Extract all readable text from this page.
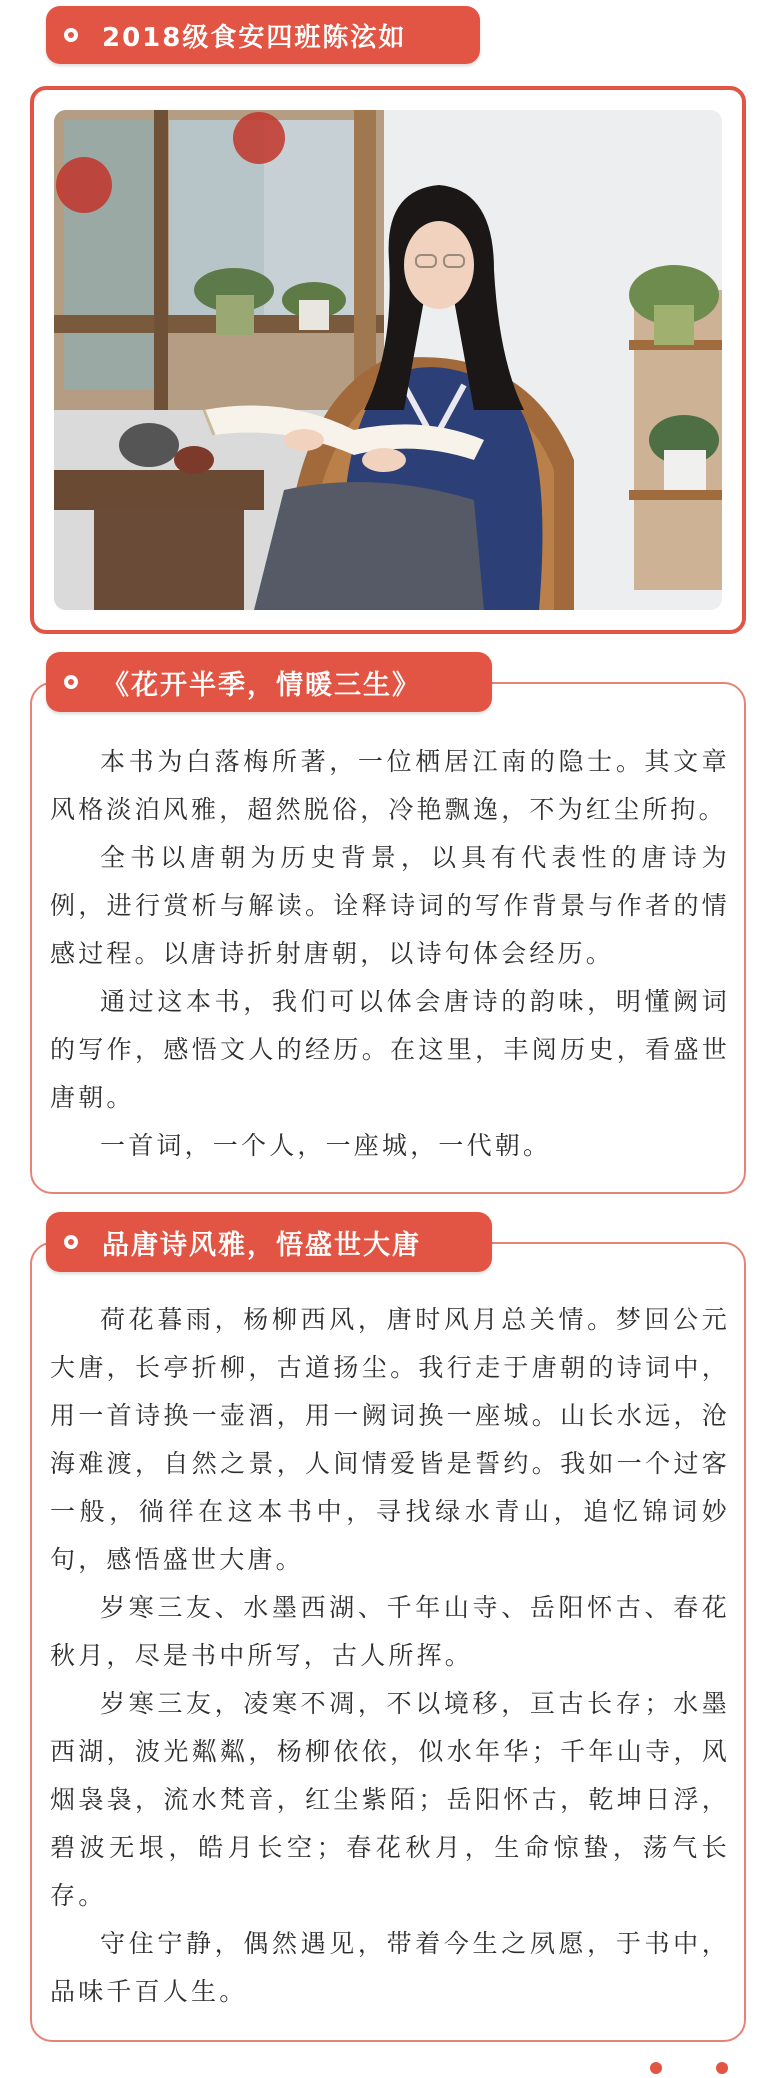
2018级食安四班陈泫如
《花开半季，情暖三生》

本书为白落梅所著，一位栖居江南的隐士。其文章风格淡泊风雅，超然脱俗，冷艳飘逸，不为红尘所拘。

全书以唐朝为历史背景，以具有代表性的唐诗为例，进行赏析与解读。诠释诗词的写作背景与作者的情感过程。以唐诗折射唐朝，以诗句体会经历。

通过这本书，我们可以体会唐诗的韵味，明懂阙词的写作，感悟文人的经历。在这里，丰阅历史，看盛世唐朝。

一首词，一个人，一座城，一代朝。

品唐诗风雅，悟盛世大唐

荷花暮雨，杨柳西风，唐时风月总关情。梦回公元大唐，长亭折柳，古道扬尘。我行走于唐朝的诗词中，用一首诗换一壶酒，用一阙词换一座城。山长水远，沧海难渡，自然之景，人间情爱皆是誓约。我如一个过客一般，徜徉在这本书中，寻找绿水青山，追忆锦词妙句，感悟盛世大唐。

岁寒三友、水墨西湖、千年山寺、岳阳怀古、春花秋月，尽是书中所写，古人所挥。

岁寒三友，凌寒不凋，不以境移，亘古长存；水墨西湖，波光粼粼，杨柳依依，似水年华；千年山寺，风烟袅袅，流水梵音，红尘紫陌；岳阳怀古，乾坤日浮，碧波无垠，皓月长空；春花秋月，生命惊蛰，荡气长存。

守住宁静，偶然遇见，带着今生之夙愿，于书中，品味千百人生。
